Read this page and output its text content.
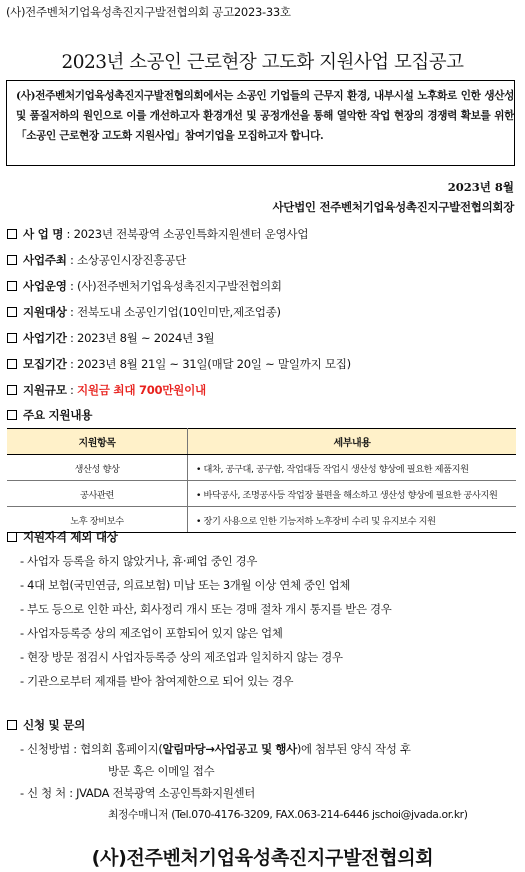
(사)전주벤처기업육성촉진지구발전협의회 공고2023-33호
2023년 소공인 근로현장 고도화 지원사업 모집공고
(사)전주벤처기업육성촉진지구발전협의회에서는 소공인 기업들의 근무지 환경, 내부시설 노후화로 인한 생산성 및 품질저하의 원인으로 이를 개선하고자 환경개선 및 공정개선을 통해 열악한 작업 현장의 경쟁력 확보를 위한「소공인 근로현장 고도화 지원사업」참여기업을 모집하고자 합니다.
2023년 8월
사단법인 전주벤처기업육성촉진지구발전협의회장
사 업 명 : 2023년 전북광역 소공인특화지원센터 운영사업
사업주최 : 소상공인시장진흥공단
사업운영 : (사)전주벤처기업육성촉진지구발전협의회
지원대상 : 전북도내 소공인기업(10인미만,제조업종)
사업기간 : 2023년 8월 ~ 2024년 3월
모집기간 : 2023년 8월 21일 ~ 31일(매달 20일 ~ 말일까지 모집)
지원규모 : 지원금 최대 700만원이내
주요 지원내용
지원항목	세부내용
생산성 향상	• 대차, 공구대, 공구함, 작업대등 작업시 생산성 향상에 필요한 제품지원
공사관련	• 바닥공사, 조명공사등 작업장 불편을 해소하고 생산성 향상에 필요한 공사지원
노후 장비보수	• 장기 사용으로 인한 기능저하 노후장비 수리 및 유지보수 지원
지원자격 제외 대상
- 사업자 등록을 하지 않았거나, 휴·폐업 중인 경우
- 4대 보험(국민연금, 의료보험) 미납 또는 3개월 이상 연체 중인 업체
- 부도 등으로 인한 파산, 회사정리 개시 또는 경매 절차 개시 통지를 받은 경우
- 사업자등록증 상의 제조업이 포함되어 있지 않은 업체
- 현장 방문 점검시 사업자등록증 상의 제조업과 일치하지 않는 경우
- 기관으로부터 제재를 받아 참여제한으로 되어 있는 경우
신청 및 문의
- 신청방법 : 협의회 홈페이지(알림마당→사업공고 및 행사)에 첨부된 양식 작성 후
방문 혹은 이메일 접수
- 신 청 처 : JVADA 전북광역 소공인특화지원센터
최정수매니저 (Tel.070-4176-3209, FAX.063-214-6446 jschoi@jvada.or.kr)
(사)전주벤처기업육성촉진지구발전협의회
